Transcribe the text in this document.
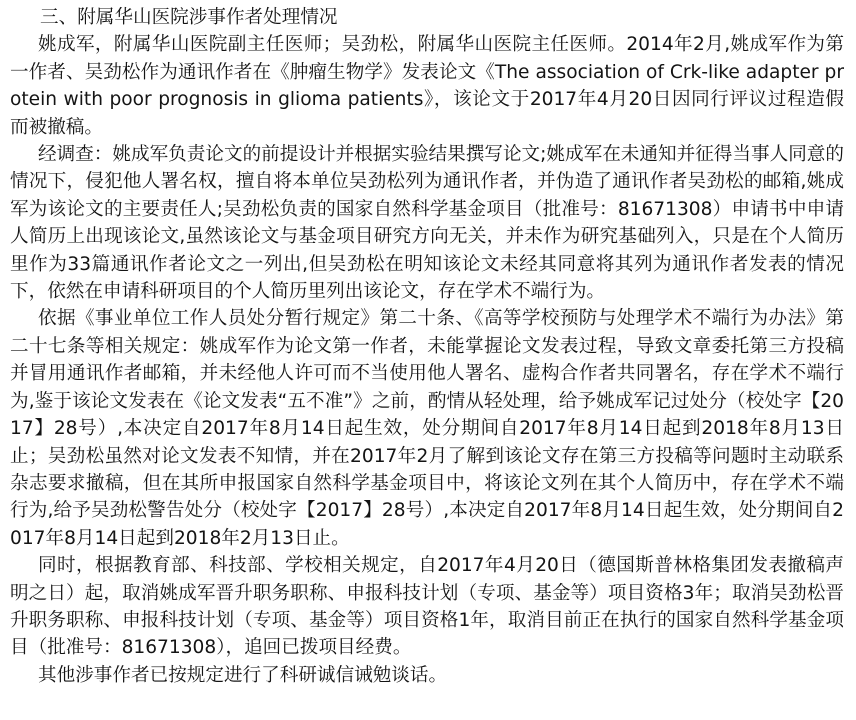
三、附属华山医院涉事作者处理情况

姚成军，附属华山医院副主任医师；吴劲松，附属华山医院主任医师。2014年2月,姚成军作为第一作者、吴劲松作为通讯作者在《肿瘤生物学》发表论文《The association of Crk-like adapter protein with poor prognosis in glioma patients》，该论文于2017年4月20日因同行评议过程造假而被撤稿。

经调查：姚成军负责论文的前提设计并根据实验结果撰写论文;姚成军在未通知并征得当事人同意的情况下，侵犯他人署名权，擅自将本单位吴劲松列为通讯作者，并伪造了通讯作者吴劲松的邮箱,姚成军为该论文的主要责任人;吴劲松负责的国家自然科学基金项目（批准号：81671308）申请书中申请人简历上出现该论文,虽然该论文与基金项目研究方向无关，并未作为研究基础列入，只是在个人简历里作为33篇通讯作者论文之一列出,但吴劲松在明知该论文未经其同意将其列为通讯作者发表的情况下，依然在申请科研项目的个人简历里列出该论文，存在学术不端行为。

依据《事业单位工作人员处分暂行规定》第二十条、《高等学校预防与处理学术不端行为办法》第二十七条等相关规定：姚成军作为论文第一作者，未能掌握论文发表过程，导致文章委托第三方投稿并冒用通讯作者邮箱，并未经他人许可而不当使用他人署名、虚构合作者共同署名，存在学术不端行为,鉴于该论文发表在《论文发表“五不准”》之前，酌情从轻处理，给予姚成军记过处分（校处字【2017】28号）,本决定自2017年8月14日起生效，处分期间自2017年8月14日起到2018年8月13日止；吴劲松虽然对论文发表不知情，并在2017年2月了解到该论文存在第三方投稿等问题时主动联系杂志要求撤稿，但在其所申报国家自然科学基金项目中，将该论文列在其个人简历中，存在学术不端行为,给予吴劲松警告处分（校处字【2017】28号）,本决定自2017年8月14日起生效，处分期间自2017年8月14日起到2018年2月13日止。

同时，根据教育部、科技部、学校相关规定，自2017年4月20日（德国斯普林格集团发表撤稿声明之日）起，取消姚成军晋升职务职称、申报科技计划（专项、基金等）项目资格3年；取消吴劲松晋升职务职称、申报科技计划（专项、基金等）项目资格1年，取消目前正在执行的国家自然科学基金项目（批准号：81671308），追回已拨项目经费。

其他涉事作者已按规定进行了科研诚信诫勉谈话。
